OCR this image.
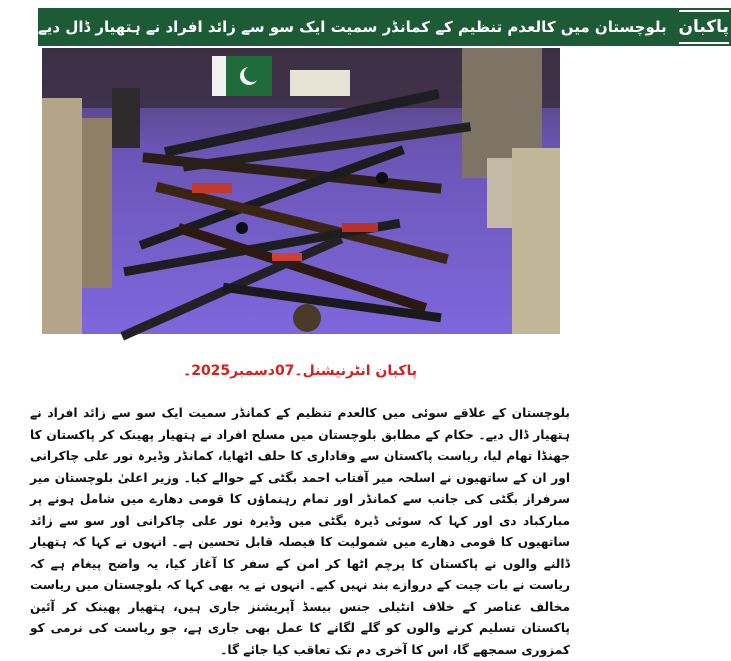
بلوچستان میں کالعدم تنظیم کے کمانڈر سمیت ایک سو سے زائد افراد نے ہتھیار ڈال دیے پاکبان
پاکبان انٹرنیشنل۔07دسمبر2025۔

بلوچستان کے علاقے سوئی میں کالعدم تنظیم کے کمانڈر سمیت ایک سو سے زائد افراد نے ہتھیار ڈال دیے۔ حکام کے مطابق بلوچستان میں مسلح افراد نے ہتھیار پھینک کر پاکستان کا جھنڈا تھام لیا، ریاست پاکستان سے وفاداری کا حلف اٹھایا، کمانڈر وڈیرہ نور علی چاکرانی اور ان کے ساتھیوں نے اسلحہ میر آفتاب احمد بگٹی کے حوالے کیا۔ وزیر اعلیٰ بلوچستان میر سرفراز بگٹی کی جانب سے کمانڈر اور تمام رہنماؤں کا قومی دھارے میں شامل ہونے پر مبارکباد دی اور کہا کہ سوئی ڈیرہ بگٹی میں وڈیرہ نور علی چاکرانی اور سو سے زائد ساتھیوں کا قومی دھارے میں شمولیت کا فیصلہ قابل تحسین ہے۔ انہوں نے کہا کہ ہتھیار ڈالنے والوں نے پاکستان کا پرچم اٹھا کر امن کے سفر کا آغاز کیا، یہ واضح پیغام ہے کہ ریاست نے بات چیت کے دروازے بند نہیں کیے۔ انہوں نے یہ بھی کہا کہ بلوچستان میں ریاست مخالف عناصر کے خلاف انٹیلی جنس بیسڈ آپریشنز جاری ہیں، ہتھیار پھینک کر آئین پاکستان تسلیم کرنے والوں کو گلے لگانے کا عمل بھی جاری ہے، جو ریاست کی نرمی کو کمزوری سمجھے گا، اس کا آخری دم تک تعاقب کیا جائے گا۔
